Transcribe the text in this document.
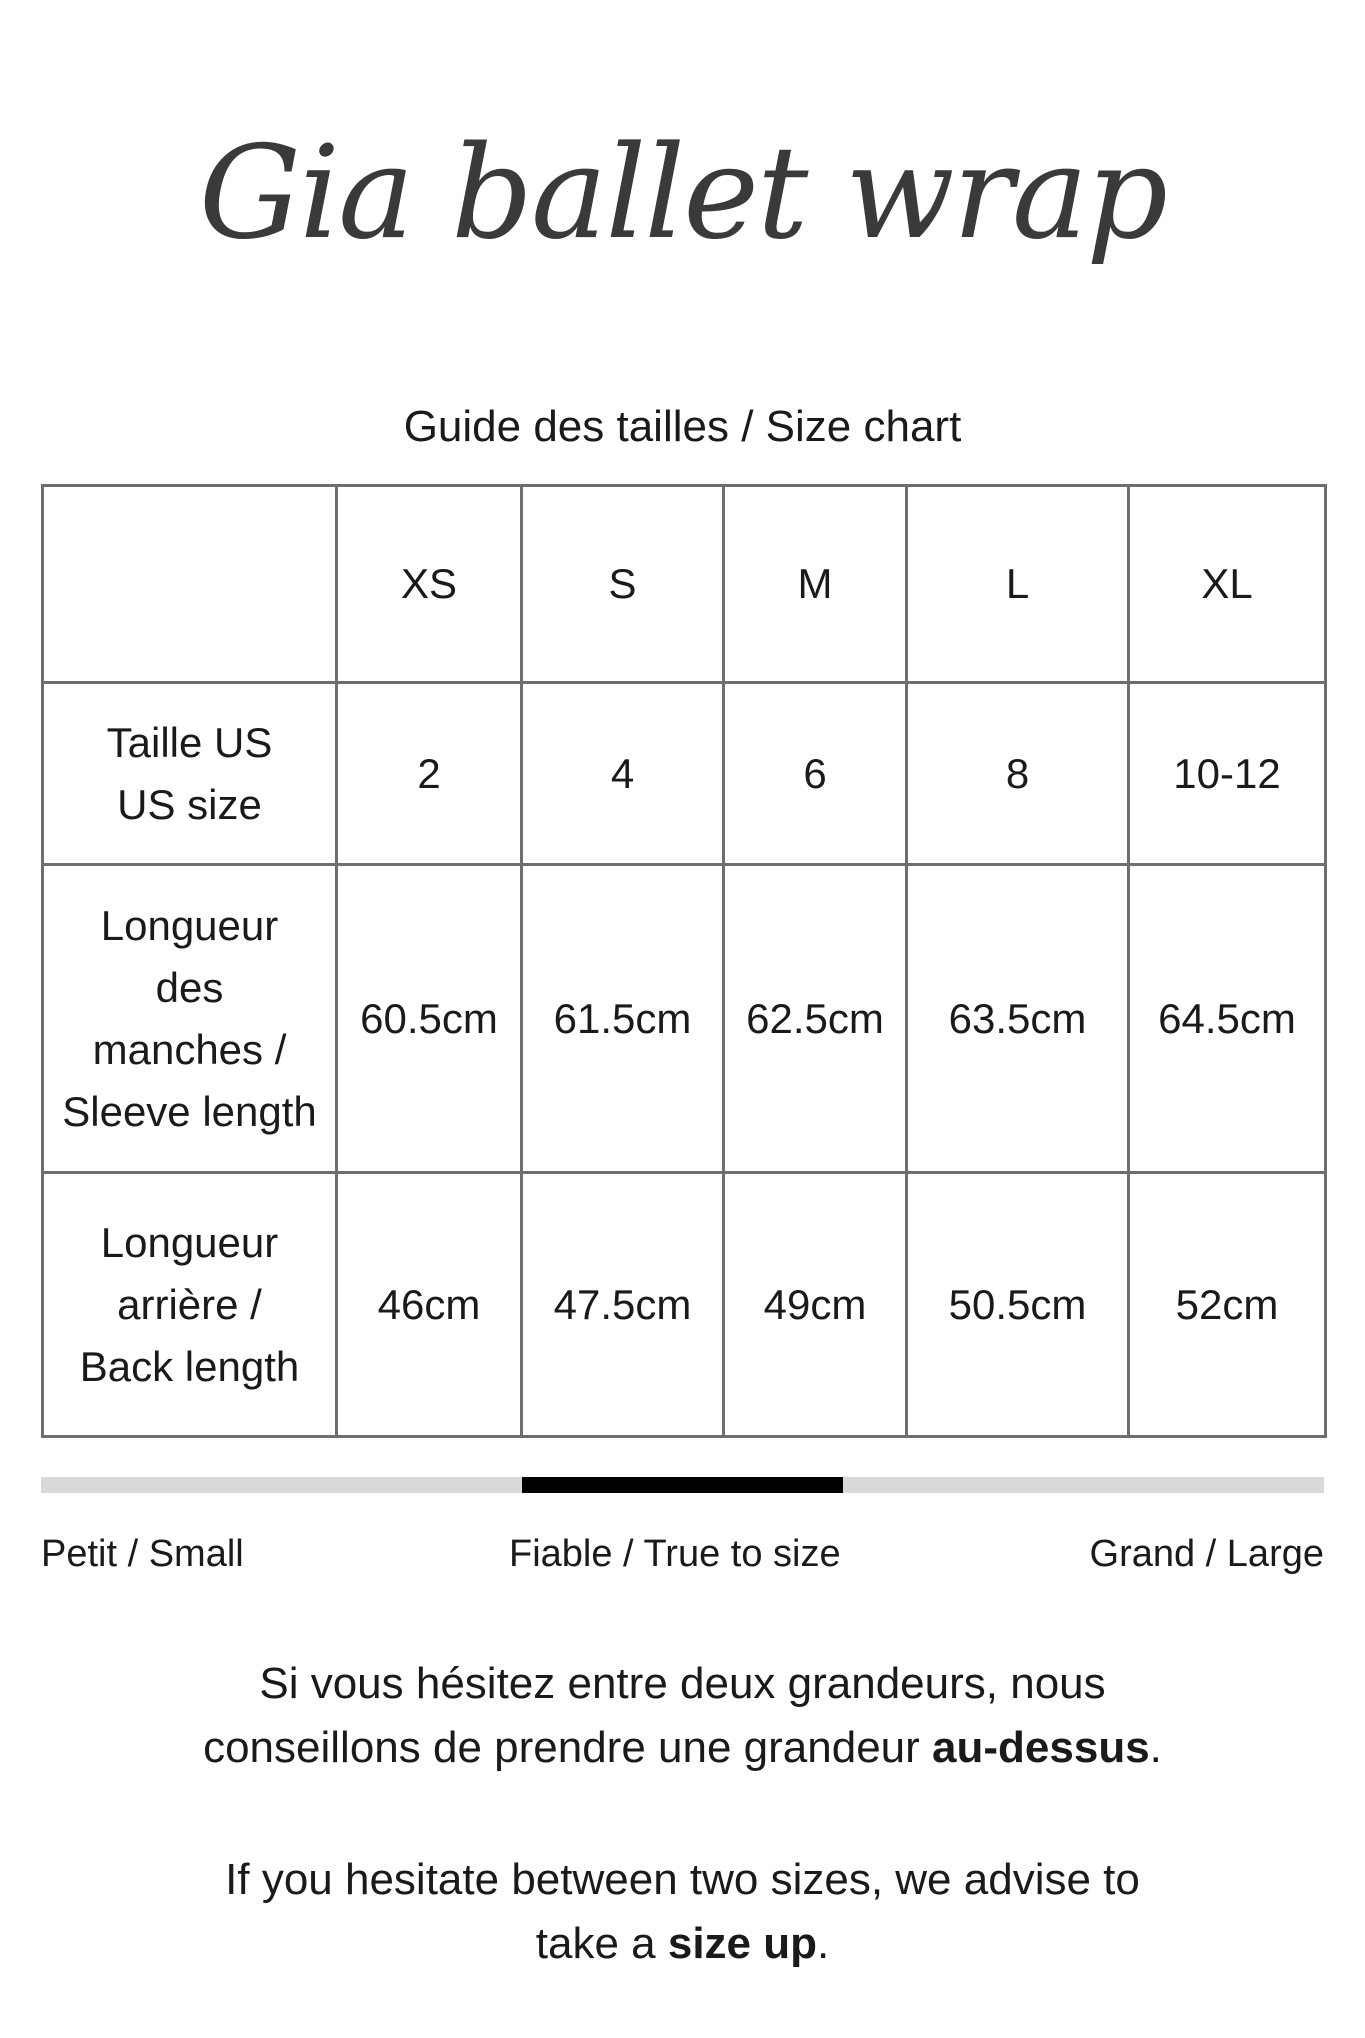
Gia ballet wrap
Guide des tailles / Size chart
	XS	S	M	L	XL

Taille US
US size	2	4	6	8	10-12

Longueur
des
manches /
Sleeve length	60.5cm	61.5cm	62.5cm	63.5cm	64.5cm

Longueur
arrière /
Back length	46cm	47.5cm	49cm	50.5cm	52cm
Petit / Small	Fiable / True to size	Grand / Large
Si vous hésitez entre deux grandeurs, nous
conseillons de prendre une grandeur au-dessus.
If you hesitate between two sizes, we advise to
take a size up.
